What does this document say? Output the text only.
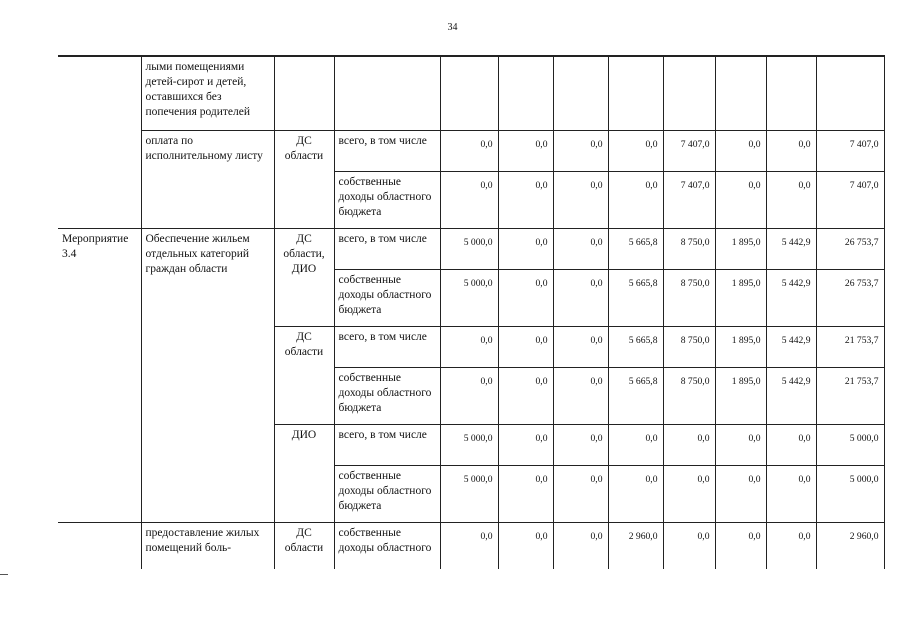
34
	лыми помещениями детей-сирот и детей, оставшихся без попечения родителей										
	оплата по исполнительному листу	ДС области	всего, в том числе	0,0	0,0	0,0	0,0	7 407,0	0,0	0,0	7 407,0
			собственные доходы областного бюджета	0,0	0,0	0,0	0,0	7 407,0	0,0	0,0	7 407,0
Мероприятие 3.4	Обеспечение жильем отдельных категорий граждан области	ДС области, ДИО	всего, в том числе	5 000,0	0,0	0,0	5 665,8	8 750,0	1 895,0	5 442,9	26 753,7
			собственные доходы областного бюджета	5 000,0	0,0	0,0	5 665,8	8 750,0	1 895,0	5 442,9	26 753,7
		ДС области	всего, в том числе	0,0	0,0	0,0	5 665,8	8 750,0	1 895,0	5 442,9	21 753,7
			собственные доходы областного бюджета	0,0	0,0	0,0	5 665,8	8 750,0	1 895,0	5 442,9	21 753,7
		ДИО	всего, в том числе	5 000,0	0,0	0,0	0,0	0,0	0,0	0,0	5 000,0
			собственные доходы областного бюджета	5 000,0	0,0	0,0	0,0	0,0	0,0	0,0	5 000,0
	предоставление жилых помещений боль-	ДС области	собственные доходы областного	0,0	0,0	0,0	2 960,0	0,0	0,0	0,0	2 960,0
